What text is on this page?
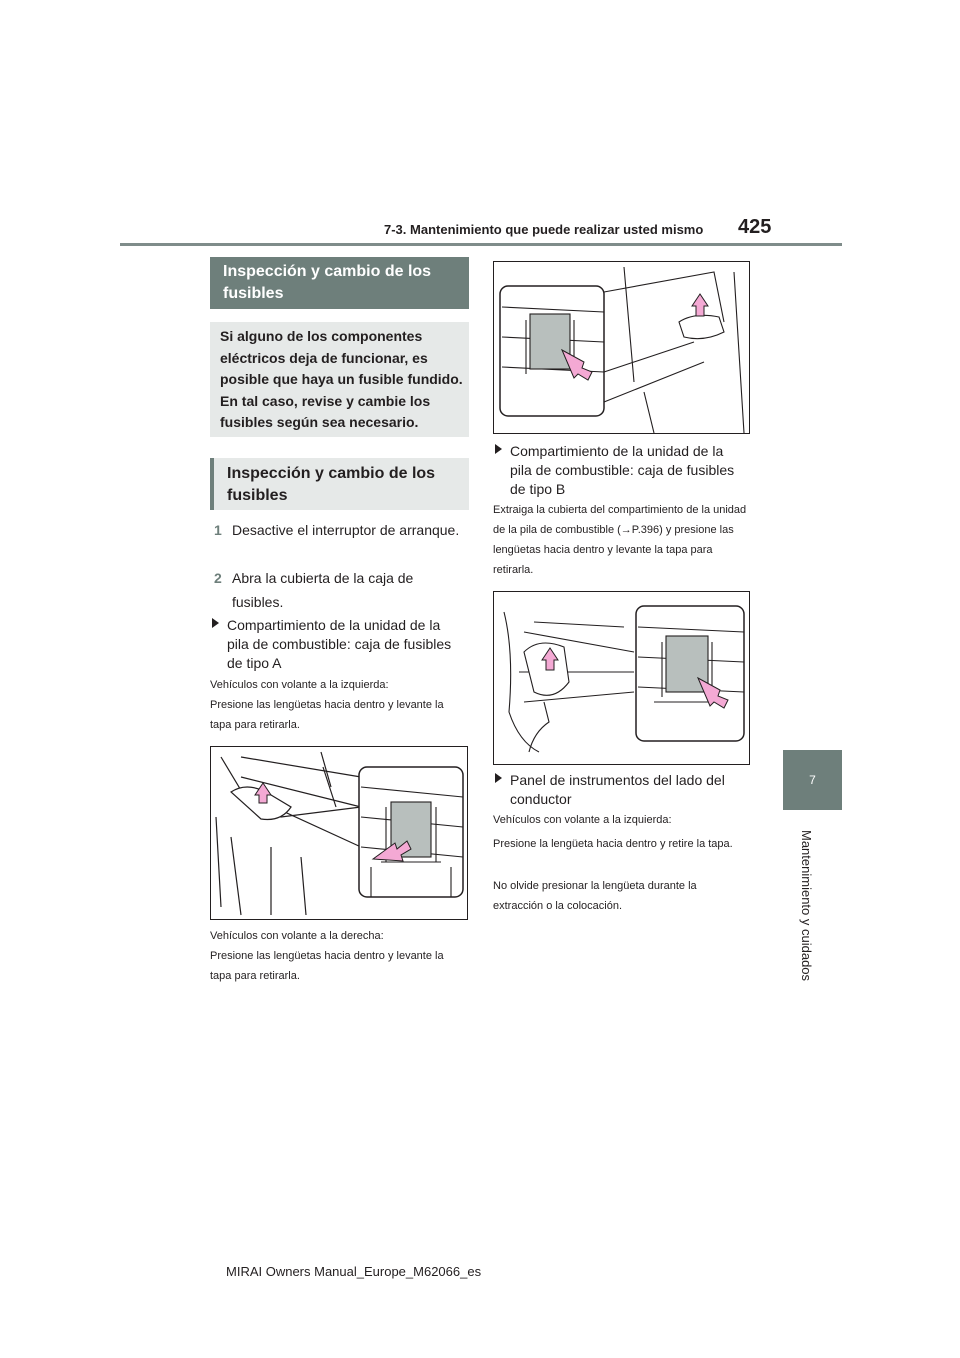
7-3. Mantenimiento que puede realizar usted mismo 425
7
Mantenimiento y cuidados
Inspección y cambio de los fusibles
Si alguno de los componentes eléctricos deja de funcionar, es posible que haya un fusible fundido. En tal caso, revise y cambie los fusibles según sea necesario.
Inspección y cambio de los fusibles
1 Desactive el interruptor de arranque.
2 Abra la cubierta de la caja de fusibles.
Compartimiento de la unidad de la pila de combustible: caja de fusibles de tipo A
Vehículos con volante a la izquierda:
Presione las lengüetas hacia dentro y levante la tapa para retirarla.
Vehículos con volante a la derecha:
Presione las lengüetas hacia dentro y levante la tapa para retirarla.
Compartimiento de la unidad de la pila de combustible: caja de fusibles de tipo B
Extraiga la cubierta del compartimiento de la unidad de la pila de combustible (→P.396) y presione las lengüetas hacia dentro y levante la tapa para retirarla.
Panel de instrumentos del lado del conductor
Vehículos con volante a la izquierda:
Presione la lengüeta hacia dentro y retire la tapa.
No olvide presionar la lengüeta durante la extracción o la colocación.
MIRAI Owners Manual_Europe_M62066_es
